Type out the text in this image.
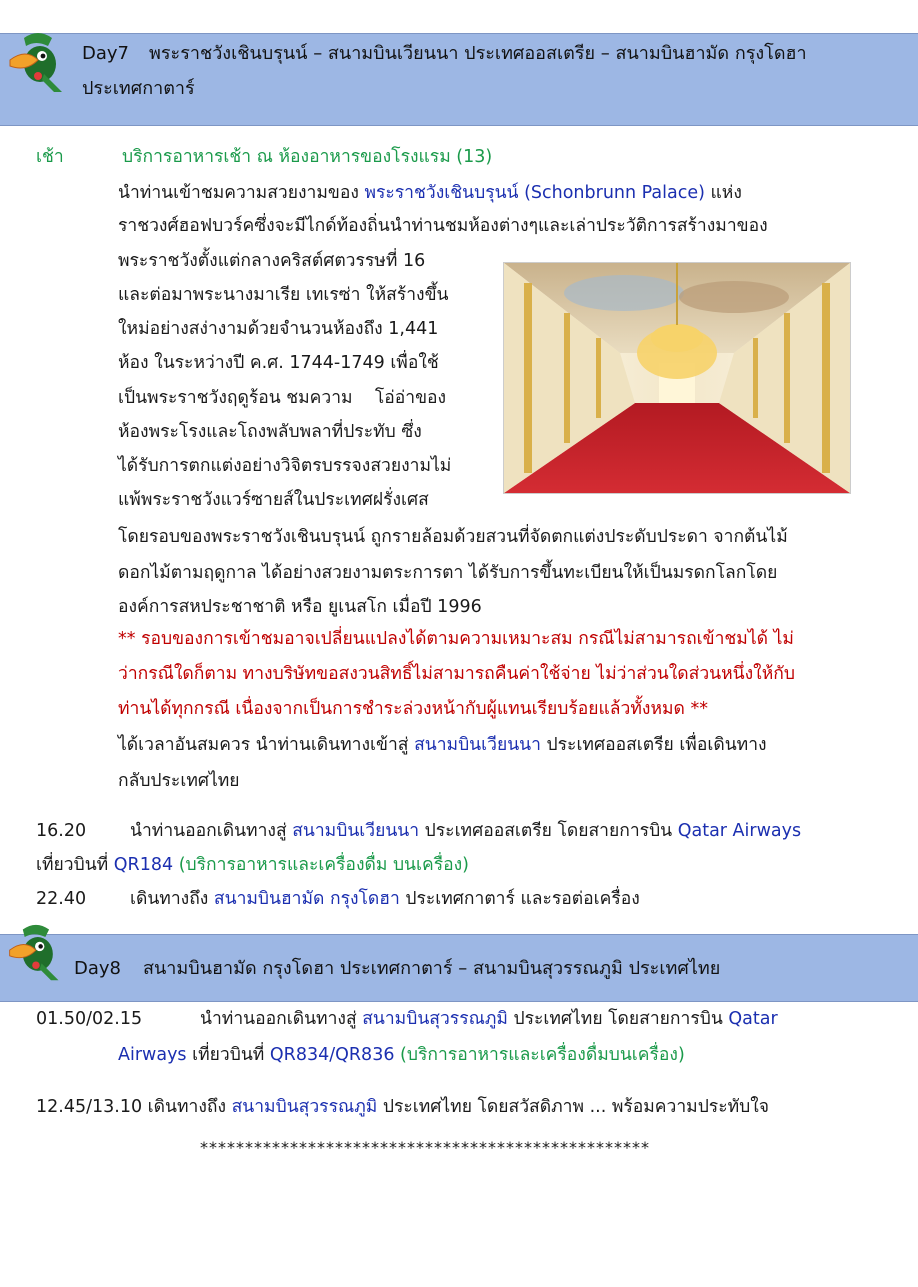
Day7 พระราชวังเชินบรุนน์ – สนามบินเวียนนา ประเทศออสเตรีย – สนามบินฮามัด กรุงโดฮา
ประเทศกาตาร์
เช้า	บริการอาหารเช้า ณ ห้องอาหารของโรงแรม (13)
นำท่านเข้าชมความสวยงามของ พระราชวังเชินบรุนน์ (Schonbrunn Palace) แห่ง
ราชวงศ์ฮอฟบวร์คซึ่งจะมีไกด์ท้องถิ่นนำท่านชมห้องต่างๆและเล่าประวัติการสร้างมาของ
พระราชวังตั้งแต่กลางคริสต์ศตวรรษที่ 16
และต่อมาพระนางมาเรีย เทเรซ่า ให้สร้างขึ้น
ใหม่อย่างสง่างามด้วยจำนวนห้องถึง 1,441
ห้อง ในระหว่างปี ค.ศ. 1744-1749 เพื่อใช้
เป็นพระราชวังฤดูร้อน ชมความ    โอ่อ่าของ
ห้องพระโรงและโถงพลับพลาที่ประทับ ซึ่ง
ได้รับการตกแต่งอย่างวิจิตรบรรจงสวยงามไม่
แพ้พระราชวังแวร์ซายส์ในประเทศฝรั่งเศส
โดยรอบของพระราชวังเชินบรุนน์ ถูกรายล้อมด้วยสวนที่จัดตกแต่งประดับประดา จากต้นไม้
ดอกไม้ตามฤดูกาล ได้อย่างสวยงามตระการตา ได้รับการขึ้นทะเบียนให้เป็นมรดกโลกโดย
องค์การสหประชาชาติ หรือ ยูเนสโก เมื่อปี 1996
** รอบของการเข้าชมอาจเปลี่ยนแปลงได้ตามความเหมาะสม กรณีไม่สามารถเข้าชมได้ ไม่
ว่ากรณีใดก็ตาม ทางบริษัทขอสงวนสิทธิ์ไม่สามารถคืนค่าใช้จ่าย ไม่ว่าส่วนใดส่วนหนึ่งให้กับ
ท่านได้ทุกกรณี เนื่องจากเป็นการชำระล่วงหน้ากับผู้แทนเรียบร้อยแล้วทั้งหมด **
ได้เวลาอันสมควร นำท่านเดินทางเข้าสู่ สนามบินเวียนนา ประเทศออสเตรีย เพื่อเดินทาง
กลับประเทศไทย
16.20	นำท่านออกเดินทางสู่ สนามบินเวียนนา ประเทศออสเตรีย โดยสายการบิน Qatar Airways
เที่ยวบินที่ QR184 (บริการอาหารและเครื่องดื่ม บนเครื่อง)
22.40	เดินทางถึง สนามบินฮามัด กรุงโดฮา ประเทศกาตาร์ และรอต่อเครื่อง
Day8 สนามบินฮามัด กรุงโดฮา ประเทศกาตาร์ – สนามบินสุวรรณภูมิ ประเทศไทย
01.50/02.15	นำท่านออกเดินทางสู่ สนามบินสุวรรณภูมิ ประเทศไทย โดยสายการบิน Qatar
Airways เที่ยวบินที่ QR834/QR836 (บริการอาหารและเครื่องดื่มบนเครื่อง)
12.45/13.10 เดินทางถึง สนามบินสุวรรณภูมิ ประเทศไทย โดยสวัสดิภาพ ... พร้อมความประทับใจ
**************************************************
